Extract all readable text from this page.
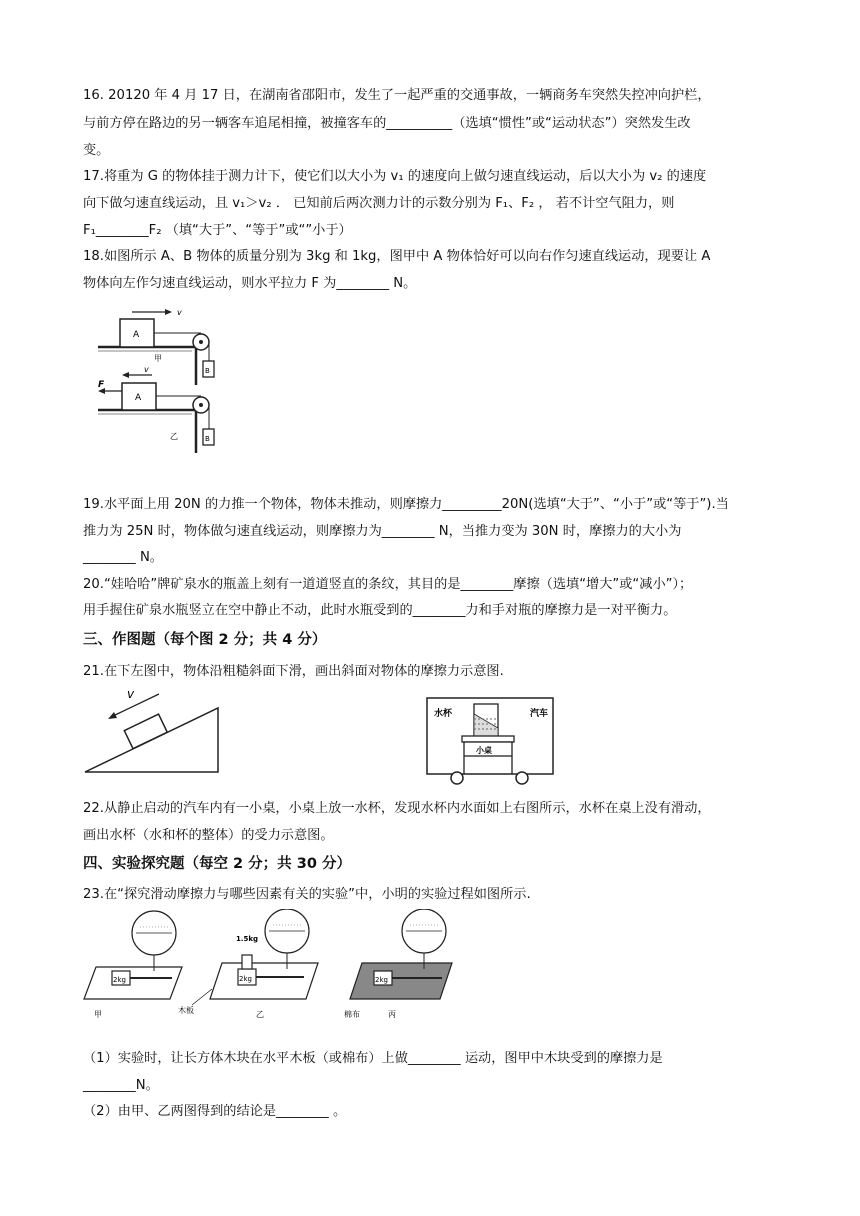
16. 20120 年 4 月 17 日，在湖南省邵阳市，发生了一起严重的交通事故，一辆商务车突然失控冲向护栏，
与前方停在路边的另一辆客车追尾相撞，被撞客车的__________（选填“惯性”或“运动状态”）突然发生改
变。
17.将重为 G 的物体挂于测力计下，使它们以大小为 v₁ 的速度向上做匀速直线运动，后以大小为 v₂ 的速度
向下做匀速直线运动，且 v₁＞v₂ ． 已知前后两次测力计的示数分别为 F₁、F₂ ， 若不计空气阻力，则
F₁________F₂ （填“大于”、“等于”或“”小于）
18.如图所示 A、B 物体的质量分别为 3kg 和 1kg，图甲中 A 物体恰好可以向右作匀速直线运动，现要让 A
物体向左作匀速直线运动，则水平拉力 F 为________ N。
A
v
B
甲
A
v
F
B
乙
19.水平面上用 20N 的力推一个物体，物体未推动，则摩擦力_________20N(选填“大于”、“小于”或“等于”).当
推力为 25N 时，物体做匀速直线运动，则摩擦力为________ N，当推力变为 30N 时，摩擦力的大小为
________ N。
20.“娃哈哈”牌矿泉水的瓶盖上刻有一道道竖直的条纹，其目的是________摩擦（选填“增大”或“减小”）；
用手握住矿泉水瓶竖立在空中静止不动，此时水瓶受到的________力和手对瓶的摩擦力是一对平衡力。
三、作图题（每个图 2 分；共 4 分）
21.在下左图中，物体沿粗糙斜面下滑，画出斜面对物体的摩擦力示意图.
v
水杯	汽车
小桌
22.从静止启动的汽车内有一小桌，小桌上放一水杯，发现水杯内水面如上右图所示，水杯在桌上没有滑动，
画出水杯（水和杯的整体）的受力示意图。
四、实验探究题（每空 2 分；共 30 分）
23.在“探究滑动摩擦力与哪些因素有关的实验”中，小明的实验过程如图所示.
2kg
甲	木板
1.5kg
2kg
乙
2kg
棉布	丙
（1）实验时，让长方体木块在水平木板（或棉布）上做________ 运动，图甲中木块受到的摩擦力是
________N。
（2）由甲、乙两图得到的结论是________ 。
